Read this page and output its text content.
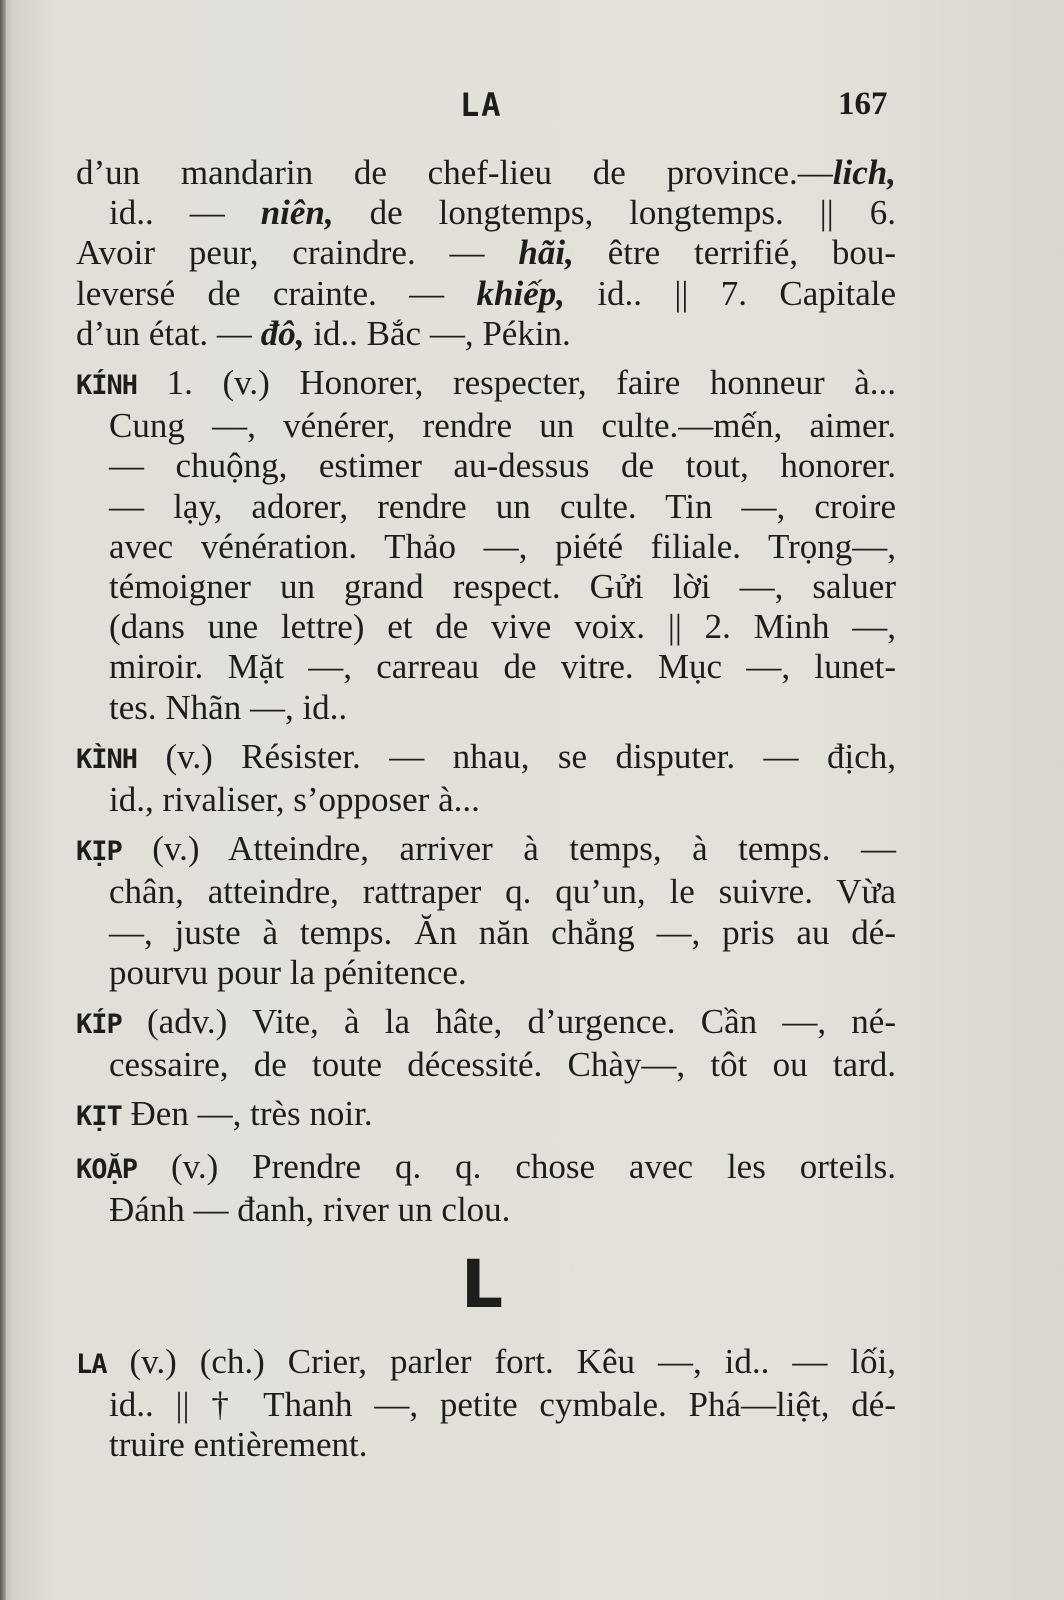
LA	167
d’un mandarin de chef-lieu de province.—lich,
id.. — niên, de longtemps, longtemps. || 6.
Avoir peur, craindre. — hãi, être terrifié, bou-
leversé de crainte. — khiếp, id.. || 7. Capitale
d’un état. — đô, id.. Bắc —, Pékin.
KÍNH 1. (v.) Honorer, respecter, faire honneur à...
Cung —, vénérer, rendre un culte.—mến, aimer.
— chuộng, estimer au-dessus de tout, honorer.
— lạy, adorer, rendre un culte. Tin —, croire
avec vénération. Thảo —, piété filiale. Trọng—,
témoigner un grand respect. Gửi lời —, saluer
(dans une lettre) et de vive voix. || 2. Minh —,
miroir. Mặt —, carreau de vitre. Mục —, lunet-
tes. Nhãn —, id..
KÌNH (v.) Résister. — nhau, se disputer. — địch,
id., rivaliser, s’opposer à...
KỊP (v.) Atteindre, arriver à temps, à temps. —
chân, atteindre, rattraper q. qu’un, le suivre. Vừa
—, juste à temps. Ăn năn chẳng —, pris au dé-
pourvu pour la pénitence.
KÍP (adv.) Vite, à la hâte, d’urgence. Cần —, né-
cessaire, de toute décessité. Chày—, tôt ou tard.
KỊT Đen —, très noir.
KOẶP (v.) Prendre q. q. chose avec les orteils.
Đánh — đanh, river un clou.
L
LA (v.) (ch.) Crier, parler fort. Kêu —, id.. — lối,
id.. || † Thanh —, petite cymbale. Phá—liệt, dé-
truire entièrement.
